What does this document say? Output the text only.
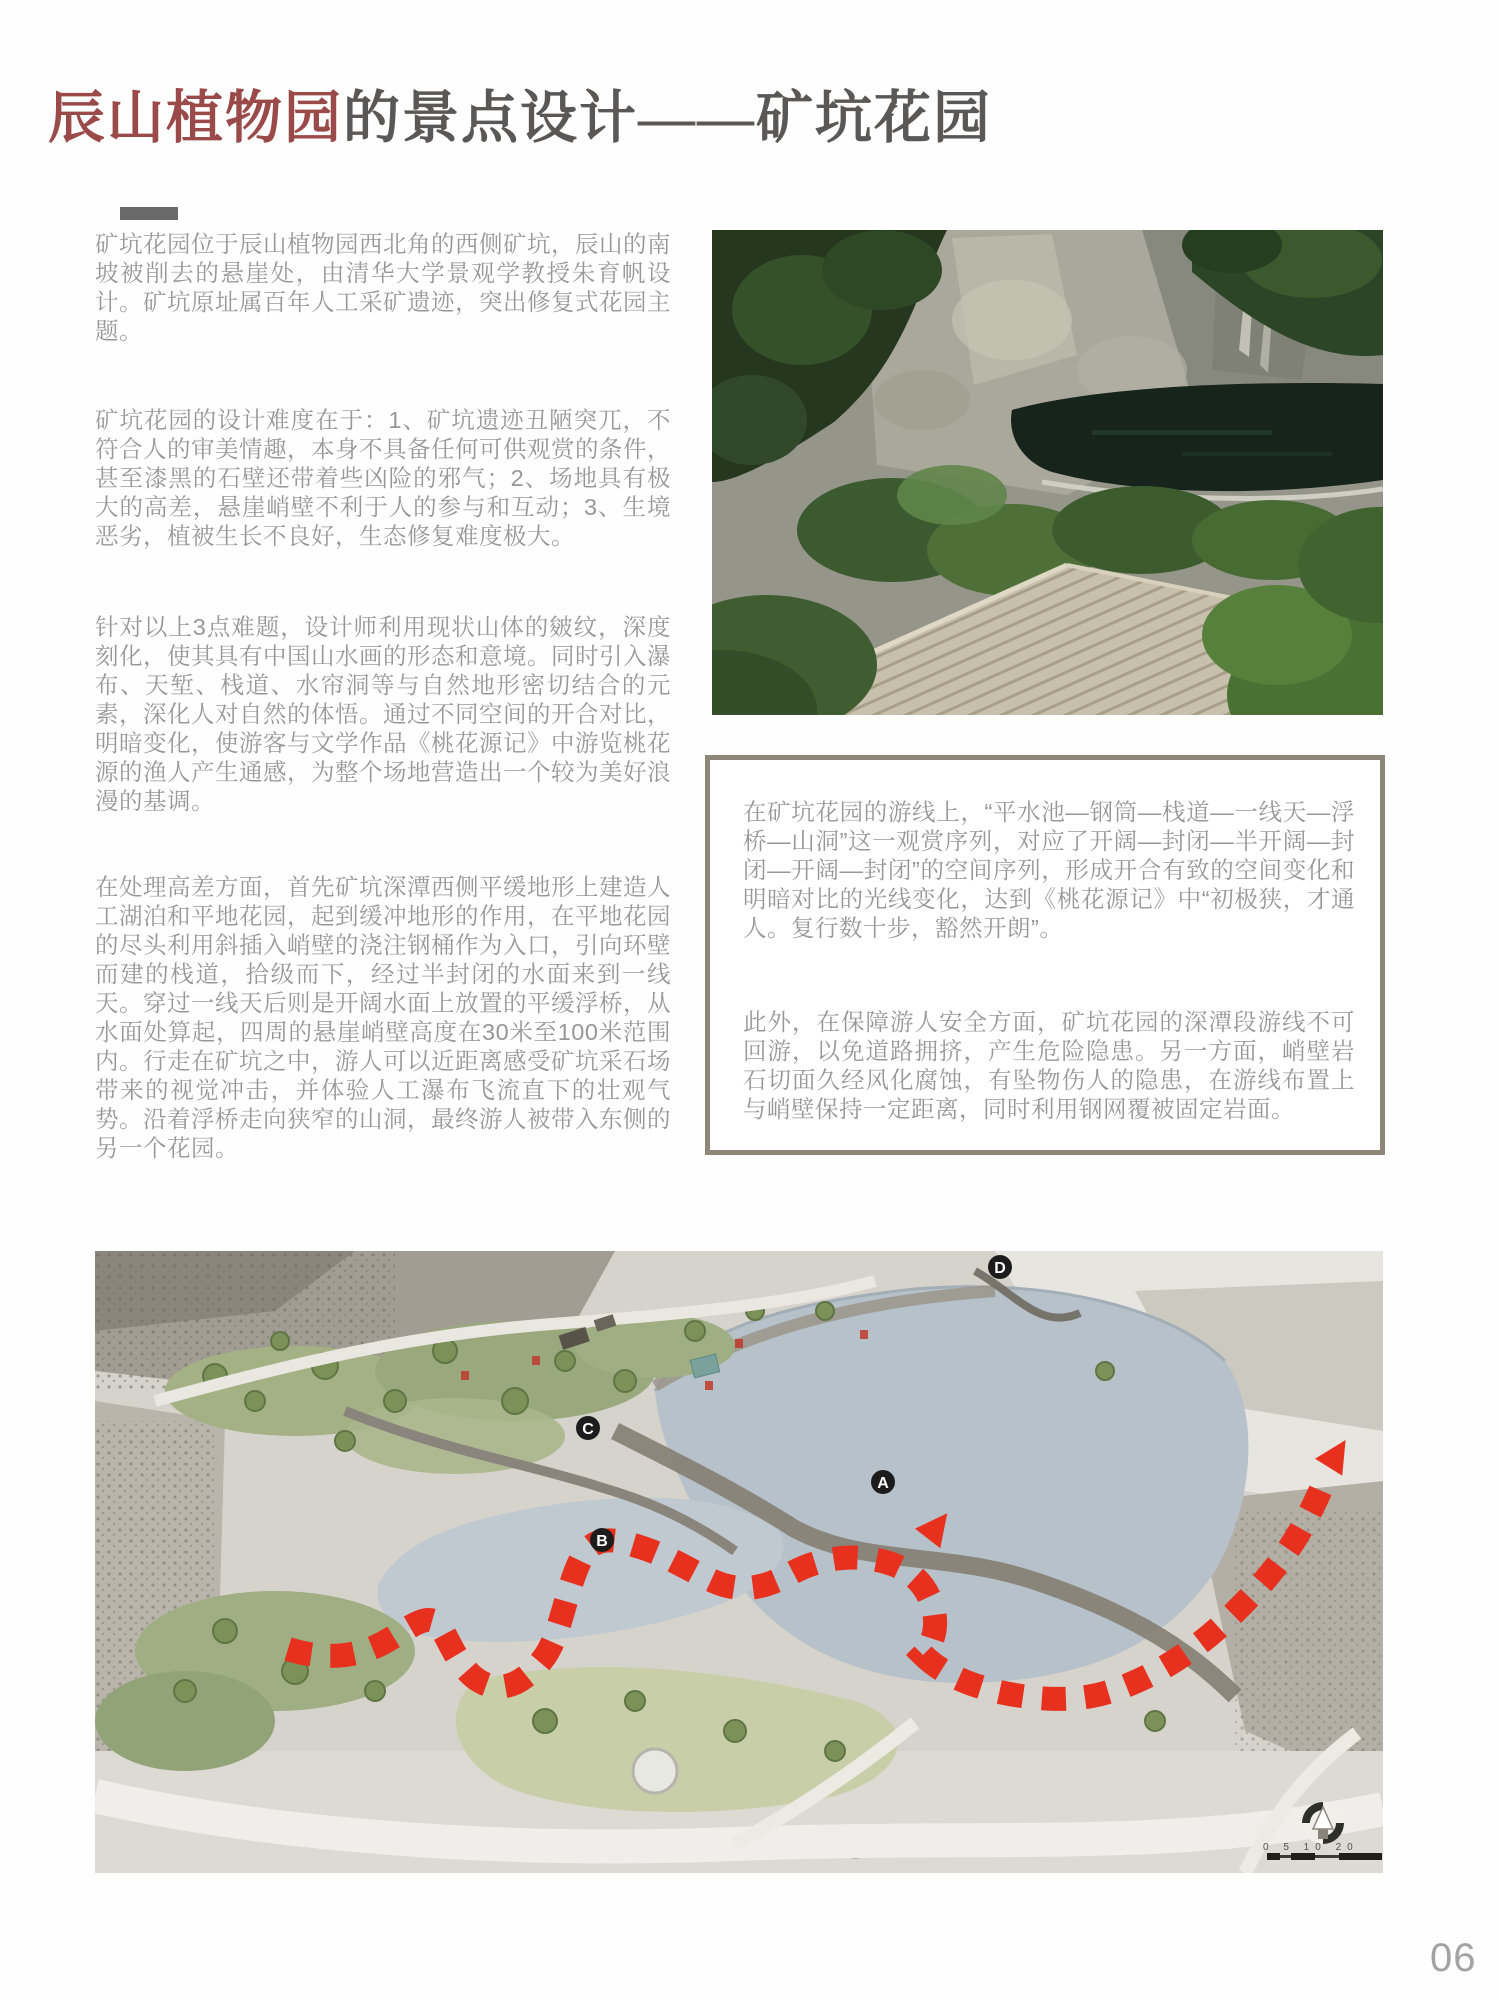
辰山植物园的景点设计——矿坑花园

矿坑花园位于辰山植物园西北角的西侧矿坑，辰山的南坡被削去的悬崖处，由清华大学景观学教授朱育帆设计。矿坑原址属百年人工采矿遗迹，突出修复式花园主题。

矿坑花园的设计难度在于：1、矿坑遗迹丑陋突兀，不符合人的审美情趣，本身不具备任何可供观赏的条件，甚至漆黑的石壁还带着些凶险的邪气；2、场地具有极大的高差，悬崖峭壁不利于人的参与和互动；3、生境恶劣，植被生长不良好，生态修复难度极大。

针对以上3点难题，设计师利用现状山体的皴纹，深度刻化，使其具有中国山水画的形态和意境。同时引入瀑布、天堑、栈道、水帘洞等与自然地形密切结合的元素，深化人对自然的体悟。通过不同空间的开合对比，明暗变化，使游客与文学作品《桃花源记》中游览桃花源的渔人产生通感，为整个场地营造出一个较为美好浪漫的基调。

在处理高差方面，首先矿坑深潭西侧平缓地形上建造人工湖泊和平地花园，起到缓冲地形的作用，在平地花园的尽头利用斜插入峭壁的浇注钢桶作为入口，引向环壁而建的栈道，拾级而下，经过半封闭的水面来到一线天。穿过一线天后则是开阔水面上放置的平缓浮桥，从水面处算起，四周的悬崖峭壁高度在30米至100米范围内。行走在矿坑之中，游人可以近距离感受矿坑采石场带来的视觉冲击，并体验人工瀑布飞流直下的壮观气势。沿着浮桥走向狭窄的山洞，最终游人被带入东侧的另一个花园。

在矿坑花园的游线上，“平水池—钢筒—栈道—一线天—浮桥—山洞”这一观赏序列，对应了开阔—封闭—半开阔—封闭—开阔—封闭”的空间序列，形成开合有致的空间变化和明暗对比的光线变化，达到《桃花源记》中“初极狭，才通人。复行数十步，豁然开朗”。

此外，在保障游人安全方面，矿坑花园的深潭段游线不可回游，以免道路拥挤，产生危险隐患。另一方面，峭壁岩石切面久经风化腐蚀，有坠物伤人的隐患，在游线布置上与峭壁保持一定距离，同时利用钢网覆被固定岩面。

A
B
C
D
0 5 10 20

06
